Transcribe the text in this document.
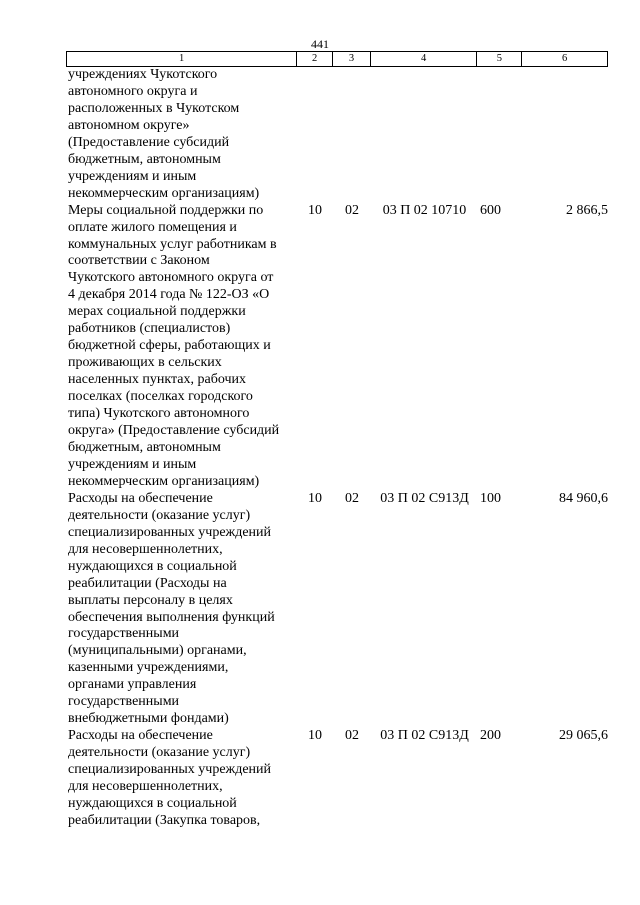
441
1	2	3	4	5	6
учреждениях Чукотского
автономного округа и
расположенных в Чукотском
автономном округе»
(Предоставление субсидий
бюджетным, автономным
учреждениям и иным
некоммерческим организациям)
Меры социальной поддержки по
оплате жилого помещения и
коммунальных услуг работникам в
соответствии с Законом
Чукотского автономного округа от
4 декабря 2014 года № 122-ОЗ «О
мерах социальной поддержки
работников (специалистов)
бюджетной сферы, работающих и
проживающих в сельских
населенных пунктах, рабочих
поселках (поселках городского
типа) Чукотского автономного
округа» (Предоставление субсидий
бюджетным, автономным
учреждениям и иным
некоммерческим организациям)
10	02	03 П 02 10710 600	2 866,5
Расходы на обеспечение
деятельности (оказание услуг)
специализированных учреждений
для несовершеннолетних,
нуждающихся в социальной
реабилитации (Расходы на
выплаты персоналу в целях
обеспечения выполнения функций
государственными
(муниципальными) органами,
казенными учреждениями,
органами управления
государственными
внебюджетными фондами)
10	02	03 П 02 С913Д 100	84 960,6
Расходы на обеспечение
деятельности (оказание услуг)
специализированных учреждений
для несовершеннолетних,
нуждающихся в социальной
реабилитации (Закупка товаров,
10	02	03 П 02 С913Д 200	29 065,6
